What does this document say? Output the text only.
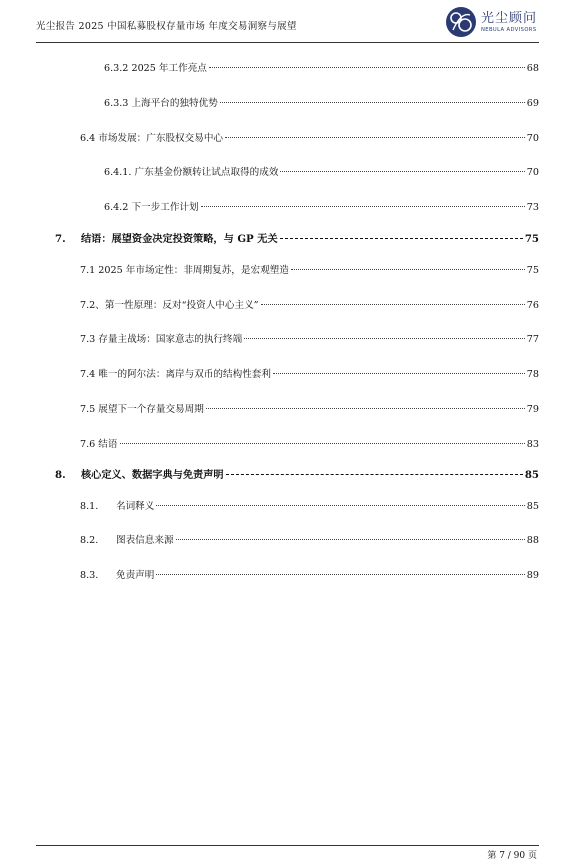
光尘报告 2025 中国私募股权存量市场 年度交易洞察与展望
光尘顾问
NEBULA ADVISORS
6.3.2 2025 年工作亮点	68
6.3.3 上海平台的独特优势	69
6.4 市场发展：广东股权交易中心	70
6.4.1. 广东基金份额转让试点取得的成效	70
6.4.2 下一步工作计划	73
7.	结语：展望资金决定投资策略，与 GP 无关	75
7.1 2025 年市场定性：非周期复苏，是宏观塑造	75
7.2、第一性原理：反对“投资人中心主义”	76
7.3 存量主战场：国家意志的执行终端	77
7.4 唯一的阿尔法：离岸与双币的结构性套利	78
7.5 展望下一个存量交易周期	79
7.6 结语	83
8.	核心定义、数据字典与免责声明	85
8.1.	名词释义	85
8.2.	图表信息来源	88
8.3.	免责声明	89
第 7 / 90 页
